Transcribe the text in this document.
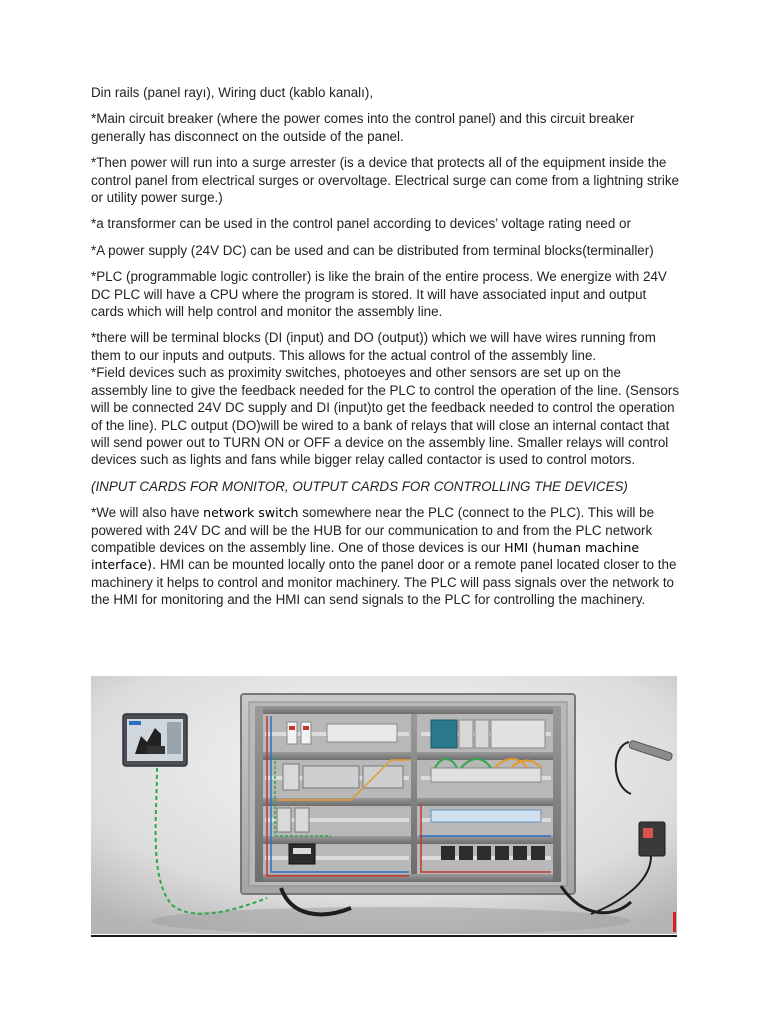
Din rails (panel rayı), Wiring duct (kablo kanalı),

*Main circuit breaker (where the power comes into the control panel) and this circuit breaker generally has disconnect on the outside of the panel.

*Then power will run into a surge arrester (is a device that protects all of the equipment inside the control panel from electrical surges or overvoltage. Electrical surge can come from a lightning strike or utility power surge.)

*a transformer can be used in the control panel according to devices’ voltage rating need or

*A power supply (24V DC) can be used and can be distributed from terminal blocks(terminaller)

*PLC (programmable logic controller) is like the brain of the entire process. We energize with 24V DC PLC will have a CPU where the program is stored. It will have associated input and output cards which will help control and monitor the assembly line.

*there will be terminal blocks (DI (input) and DO (output)) which we will have wires running from them to our inputs and outputs. This allows for the actual control of the assembly line.

*Field devices such as proximity switches, photoeyes and other sensors are set up on the assembly line to give the feedback needed for the PLC to control the operation of the line. (Sensors will be connected 24V DC supply and DI (input)to get the feedback needed to control the operation of the line). PLC output (DO)will be wired to a bank of relays that will close an internal contact that will send power out to TURN ON or OFF a device on the assembly line. Smaller relays will control devices such as lights and fans while bigger relay called contactor is used to control motors.

(INPUT CARDS FOR MONITOR, OUTPUT CARDS FOR CONTROLLING THE DEVICES)

*We will also have network switch somewhere near the PLC (connect to the PLC). This will be powered with 24V DC and will be the HUB for our communication to and from the PLC network compatible devices on the assembly line. One of those devices is our HMI (human machine interface). HMI can be mounted locally onto the panel door or a remote panel located closer to the machinery it helps to control and monitor machinery. The PLC will pass signals over the network to the HMI for monitoring and the HMI can send signals to the PLC for controlling the machinery.
